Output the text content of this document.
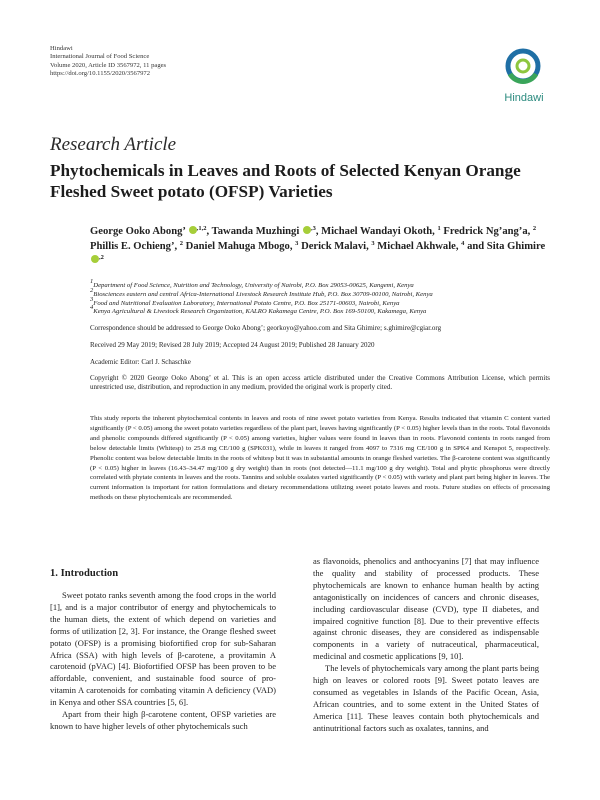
Hindawi
International Journal of Food Science
Volume 2020, Article ID 3567972, 11 pages
https://doi.org/10.1155/2020/3567972
Hindawi
Research Article
Phytochemicals in Leaves and Roots of Selected Kenyan Orange Fleshed Sweet potato (OFSP) Varieties
George Ooko Abong’ $^{,1,2}$, Tawanda Muzhingi $^{,3}$, Michael Wandayi Okoth, $^1$ Fredrick Ng’ang’a, $^2$ Phillis E. Ochieng’, $^2$ Daniel Mahuga Mbogo, $^3$ Derick Malavi, $^3$ Michael Akhwale, $^4$ and Sita Ghimire $^{,2}$
$^1$Department of Food Science, Nutrition and Technology, University of Nairobi, P.O. Box 29053-00625, Kangemi, Kenya
$^2$Biosciences eastern and central Africa-International Livestock Research Institute Hub, P.O. Box 30709-00100, Nairobi, Kenya
$^3$Food and Nutritional Evaluation Laboratory, International Potato Centre, P.O. Box 25171-00603, Nairobi, Kenya
$^4$Kenya Agricultural & Livestock Research Organization, KALRO Kakamega Centre, P.O. Box 169-50100, Kakamega, Kenya
Correspondence should be addressed to George Ooko Abong’; georkoyo@yahoo.com and Sita Ghimire; s.ghimire@cgiar.org
Received 29 May 2019; Revised 28 July 2019; Accepted 24 August 2019; Published 28 January 2020
Academic Editor: Carl J. Schaschke
Copyright © 2020 George Ooko Abong’ et al. This is an open access article distributed under the Creative Commons Attribution License, which permits unrestricted use, distribution, and reproduction in any medium, provided the original work is properly cited.
This study reports the inherent phytochemical contents in leaves and roots of nine sweet potato varieties from Kenya. Results indicated that vitamin C content varied significantly (P < 0.05) among the sweet potato varieties regardless of the plant part, leaves having significantly (P < 0.05) higher levels than in the roots. Total flavonoids and phenolic compounds differed significantly (P < 0.05) among varieties, higher values were found in leaves than in roots. Flavonoid contents in roots ranged from below detectable limits (Whitesp) to 25.8 mg CE/100 g (SPK031), while in leaves it ranged from 4097 to 7316 mg CE/100 g in SPK4 and Kenspot 5, respectively. Phenolic content was below detectable limits in the roots of whitesp but it was in substantial amounts in orange fleshed varieties. The β-carotene content was significantly (P < 0.05) higher in leaves (16.43–34.47 mg/100 g dry weight) than in roots (not detected—11.1 mg/100 g dry weight). Total and phytic phosphorus were directly correlated with phytate contents in leaves and the roots. Tannins and soluble oxalates varied significantly (P < 0.05) with variety and plant part being higher in leaves. The current information is important for ration formulations and dietary recommendations utilizing sweet potato leaves and roots. Future studies on effects of processing methods on these phytochemicals are recommended.
1. Introduction

Sweet potato ranks seventh among the food crops in the world [1], and is a major contributor of energy and phytochemicals to the human diets, the extent of which depend on varieties and forms of utilization [2, 3]. For instance, the Orange fleshed sweet potato (OFSP) is a promising biofortified crop for sub-Saharan Africa (SSA) with high levels of β-carotene, a provitamin A carotenoid (pVAC) [4]. Biofortified OFSP has been proven to be affordable, convenient, and sustainable food source of pro-vitamin A carotenoids for combating vitamin A deficiency (VAD) in Kenya and other SSA countries [5, 6].

Apart from their high β-carotene content, OFSP varieties are known to have higher levels of other phytochemicals such

as flavonoids, phenolics and anthocyanins [7] that may influence the quality and stability of processed products. These phytochemicals are known to enhance human health by acting antagonistically on incidences of cancers and chronic diseases, including cardiovascular disease (CVD), type II diabetes, and impaired cognitive function [8]. Due to their preventive effects against chronic diseases, they are considered as indispensable components in a variety of nutraceutical, pharmaceutical, medicinal and cosmetic applications [9, 10].

The levels of phytochemicals vary among the plant parts being high on leaves or colored roots [9]. Sweet potato leaves are consumed as vegetables in Islands of the Pacific Ocean, Asia, African countries, and to some extent in the United States of America [11]. These leaves contain both phytochemicals and antinutritional factors such as oxalates, tannins, and
